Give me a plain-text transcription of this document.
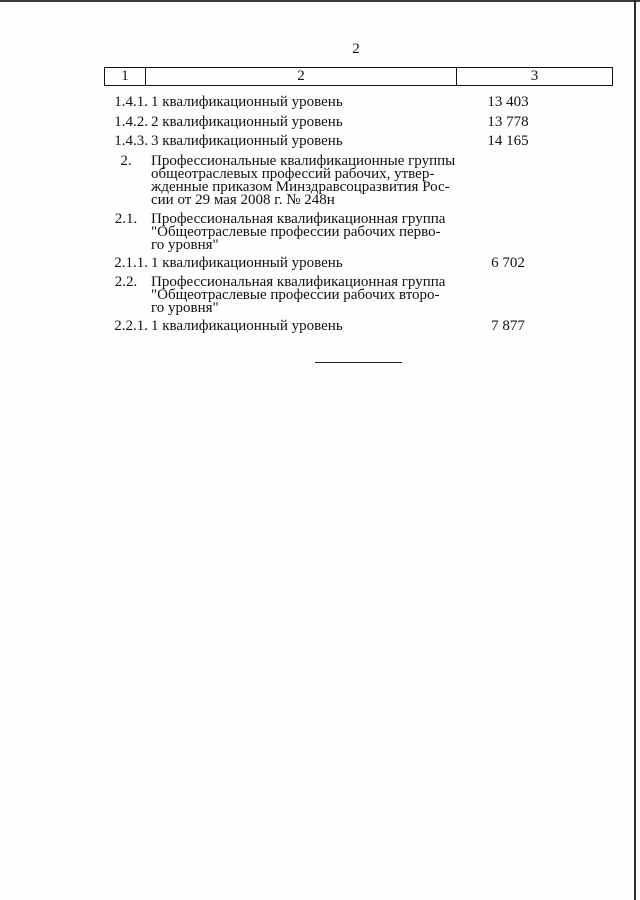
2
1	2	3
1.4.1. 1 квалификационный уровень	13 403
1.4.2. 2 квалификационный уровень	13 778
1.4.3. 3 квалификационный уровень	14 165
2.	Профессиональные квалификационные группы
общеотраслевых профессий рабочих, утвер-
жденные приказом Минздравсоцразвития Рос-
сии от 29 мая 2008 г. № 248н
2.1. Профессиональная квалификационная группа
"Общеотраслевые профессии рабочих перво-
го уровня"
2.1.1. 1 квалификационный уровень	6 702
2.2. Профессиональная квалификационная группа
"Общеотраслевые профессии рабочих второ-
го уровня"
2.2.1. 1 квалификационный уровень	7 877
